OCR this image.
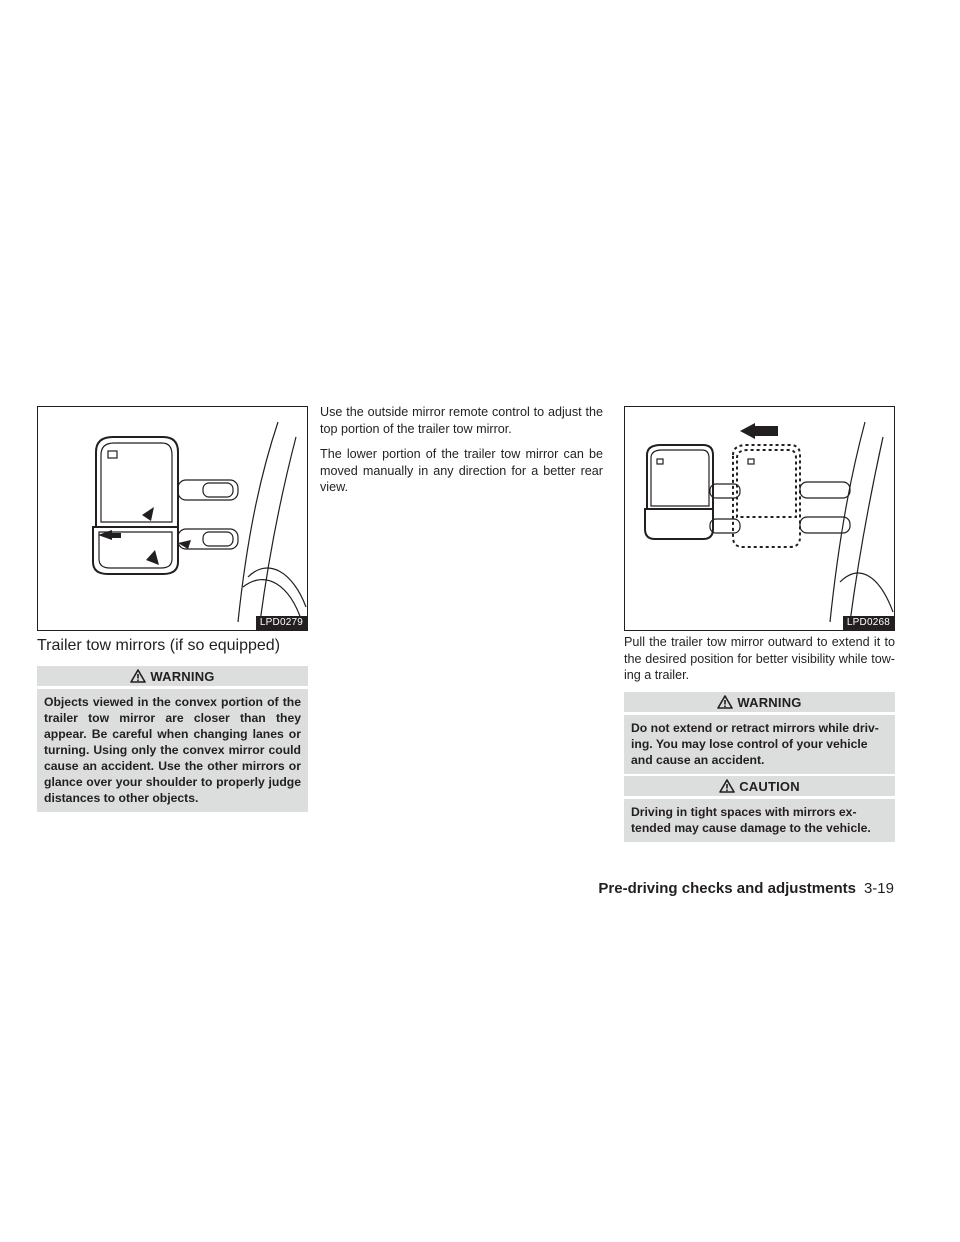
LPD0279	LPD0268
Trailer tow mirrors (if so equipped)
WARNING
Objects viewed in the convex portion of the trailer tow mirror are closer than they appear. Be careful when changing lanes or turning. Using only the convex mirror could cause an accident. Use the other mirrors or glance over your shoulder to properly judge distances to other objects.

Use the outside mirror remote control to adjust the top portion of the trailer tow mirror.

The lower portion of the trailer tow mirror can be moved manually in any direction for a better rear view.

Pull the trailer tow mirror outward to extend it to the desired position for better visibility while tow-ing a trailer.

WARNING
Do not extend or retract mirrors while driv-ing. You may lose control of your vehicle and cause an accident.
CAUTION
Driving in tight spaces with mirrors ex-tended may cause damage to the vehicle.
Pre-driving checks and adjustments 3-19
